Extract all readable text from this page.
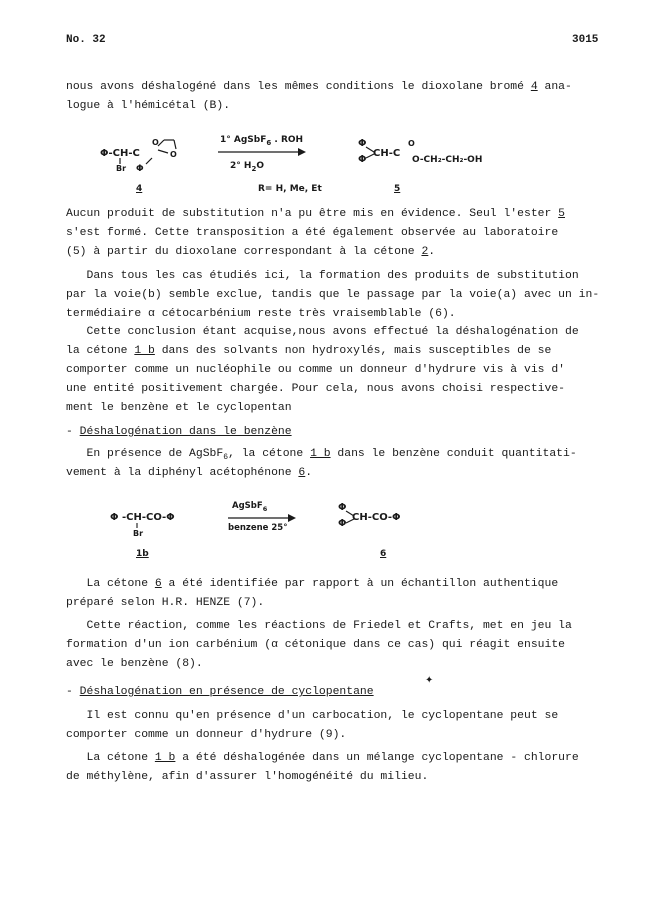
No. 32	3015

nous avons déshalogéné dans les mêmes conditions le dioxolane bromé 4 ana-

logue à l'hémicétal (B).

Φ-CH-C
Br Φ
O
O
1° AgSbF$_6$ . ROH
2° $H_2O$
Φ
Φ
CH-C
O
O-CH₂-CH₂-OH
4	R= H, Me, Et	5

Aucun produit de substitution n'a pu être mis en évidence. Seul l'ester 5

s'est formé. Cette transposition a été également observée au laboratoire

(5) à partir du dioxolane correspondant à la cétone 2.

Dans tous les cas étudiés ici, la formation des produits de substitution

par la voie(b) semble exclue, tandis que le passage par la voie(a) avec un in-

termédiaire α cétocarbénium reste très vraisemblable (6).

Cette conclusion étant acquise,nous avons effectué la déshalogénation de

la cétone 1 b dans des solvants non hydroxylés, mais susceptibles de se

comporter comme un nucléophile ou comme un donneur d'hydrure vis à vis d'

une entité positivement chargée. Pour cela, nous avons choisi respective-

ment le benzène et le cyclopentan

- Déshalogénation dans le benzène

En présence de AgSbF$_6$, la cétone 1 b dans le benzène conduit quantitati-

vement à la diphényl acétophénone 6.

Φ -CH-CO-Φ
Br
AgSbF$_6$
benzene 25°
Φ
Φ
CH-CO-Φ
1b	6

La cétone 6 a été identifiée par rapport à un échantillon authentique

préparé selon H.R. HENZE (7).

Cette réaction, comme les réactions de Friedel et Crafts, met en jeu la

formation d'un ion carbénium (α cétonique dans ce cas) qui réagit ensuite

avec le benzène (8).

✦

- Déshalogénation en présence de cyclopentane

Il est connu qu'en présence d'un carbocation, le cyclopentane peut se

comporter comme un donneur d'hydrure (9).

La cétone 1 b a été déshalogénée dans un mélange cyclopentane - chlorure

de méthylène, afin d'assurer l'homogénéité du milieu.
